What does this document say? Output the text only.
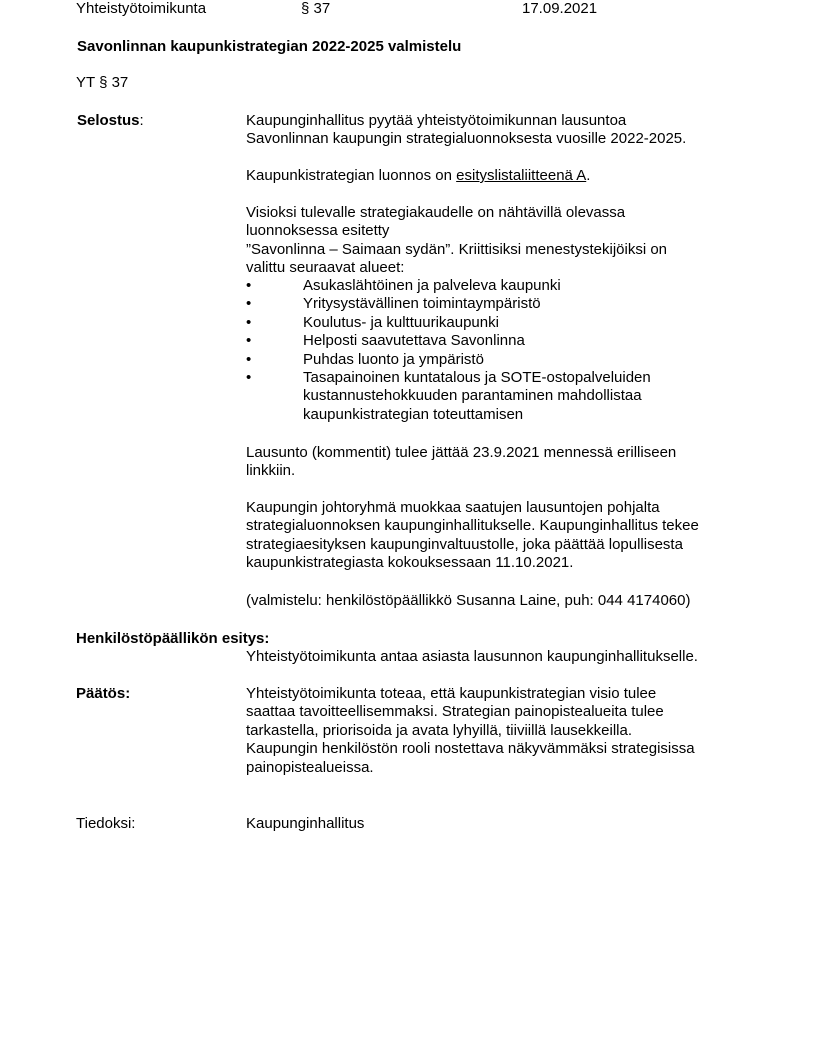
Yhteistyötoimikunta	§ 37	17.09.2021
Savonlinnan kaupunkistrategian 2022-2025 valmistelu
YT § 37
Selostus:	Kaupunginhallitus pyytää yhteistyötoimikunnan lausuntoa

Savonlinnan kaupungin strategialuonnoksesta vuosille 2022-2025.

Kaupunkistrategian luonnos on esityslistaliitteenä A.

Visioksi tulevalle strategiakaudelle on nähtävillä olevassa

luonnoksessa esitetty

”Savonlinna – Saimaan sydän”. Kriittisiksi menestystekijöiksi on

valittu seuraavat alueet:

•	Asukaslähtöinen ja palveleva kaupunki
•	Yritysystävällinen toimintaympäristö
•	Koulutus- ja kulttuurikaupunki
•	Helposti saavutettava Savonlinna
•	Puhdas luonto ja ympäristö
•	Tasapainoinen kuntatalous ja SOTE-ostopalveluiden
kustannustehokkuuden parantaminen mahdollistaa
kaupunkistrategian toteuttamisen

Lausunto (kommentit) tulee jättää 23.9.2021 mennessä erilliseen

linkkiin.

Kaupungin johtoryhmä muokkaa saatujen lausuntojen pohjalta

strategialuonnoksen kaupunginhallitukselle. Kaupunginhallitus tekee

strategiaesityksen kaupunginvaltuustolle, joka päättää lopullisesta

kaupunkistrategiasta kokouksessaan 11.10.2021.

(valmistelu: henkilöstöpäällikkö Susanna Laine, puh: 044 4174060)

Henkilöstöpäällikön esitys:

Yhteistyötoimikunta antaa asiasta lausunnon kaupunginhallitukselle.

Päätös:	Yhteistyötoimikunta toteaa, että kaupunkistrategian visio tulee

saattaa tavoitteellisemmaksi. Strategian painopistealueita tulee

tarkastella, priorisoida ja avata lyhyillä, tiiviillä lausekkeilla.

Kaupungin henkilöstön rooli nostettava näkyvämmäksi strategisissa

painopistealueissa.

Tiedoksi:	Kaupunginhallitus
